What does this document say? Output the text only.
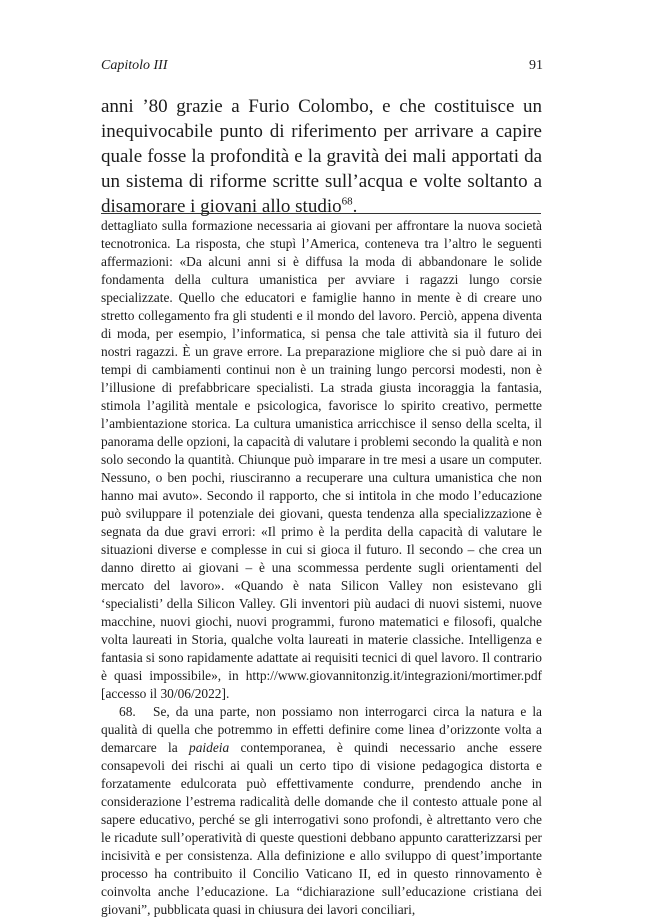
Capitolo III	91

anni ’80 grazie a Furio Colombo, e che costituisce un inequivocabile punto di riferimento per arrivare a capire quale fosse la profondità e la gravità dei mali apportati da un sistema di riforme scritte sull’acqua e volte soltanto a disamorare i giovani allo studio$^{68}$.

dettagliato sulla formazione necessaria ai giovani per affrontare la nuova società tecnotronica. La risposta, che stupì l’America, conteneva tra l’altro le seguenti affermazioni: «Da alcuni anni si è diffusa la moda di abbandonare le solide fondamenta della cultura umanistica per avviare i ragazzi lungo corsie specializzate. Quello che educatori e famiglie hanno in mente è di creare uno stretto collegamento fra gli studenti e il mondo del lavoro. Perciò, appena diventa di moda, per esempio, l’informatica, si pensa che tale attività sia il futuro dei nostri ragazzi. È un grave errore. La preparazione migliore che si può dare ai in tempi di cambiamenti continui non è un training lungo percorsi modesti, non è l’illusione di prefabbricare specialisti. La strada giusta incoraggia la fantasia, stimola l’agilità mentale e psicologica, favorisce lo spirito creativo, permette l’ambientazione storica. La cultura umanistica arricchisce il senso della scelta, il panorama delle opzioni, la capacità di valutare i problemi secondo la qualità e non solo secondo la quantità. Chiunque può imparare in tre mesi a usare un computer. Nessuno, o ben pochi, riusciranno a recuperare una cultura umanistica che non hanno mai avuto». Secondo il rapporto, che si intitola in che modo l’educazione può sviluppare il potenziale dei giovani, questa tendenza alla specializzazione è segnata da due gravi errori: «Il primo è la perdita della capacità di valutare le situazioni diverse e complesse in cui si gioca il futuro. Il secondo – che crea un danno diretto ai giovani – è una scommessa perdente sugli orientamenti del mercato del lavoro». «Quando è nata Silicon Valley non esistevano gli ‘specialisti’ della Silicon Valley. Gli inventori più audaci di nuovi sistemi, nuove macchine, nuovi giochi, nuovi programmi, furono matematici e filosofi, qualche volta laureati in Storia, qualche volta laureati in materie classiche. Intelligenza e fantasia si sono rapidamente adattate ai requisiti tecnici di quel lavoro. Il contrario è quasi impossibile», in http://www.giovannitonzig.it/integrazioni/mortimer.pdf [accesso il 30/06/2022].

68. Se, da una parte, non possiamo non interrogarci circa la natura e la qualità di quella che potremmo in effetti definire come linea d’orizzonte volta a demarcare la paideia contemporanea, è quindi necessario anche essere consapevoli dei rischi ai quali un certo tipo di visione pedagogica distorta e forzatamente edulcorata può effettivamente condurre, prendendo anche in considerazione l’estrema radicalità delle domande che il contesto attuale pone al sapere educativo, perché se gli interrogativi sono profondi, è altrettanto vero che le ricadute sull’operatività di queste questioni debbano appunto caratterizzarsi per incisività e per consistenza. Alla definizione e allo sviluppo di quest’importante processo ha contribuito il Concilio Vaticano II, ed in questo rinnovamento è coinvolta anche l’educazione. La “dichiarazione sull’educazione cristiana dei giovani”, pubblicata quasi in chiusura dei lavori conciliari,
